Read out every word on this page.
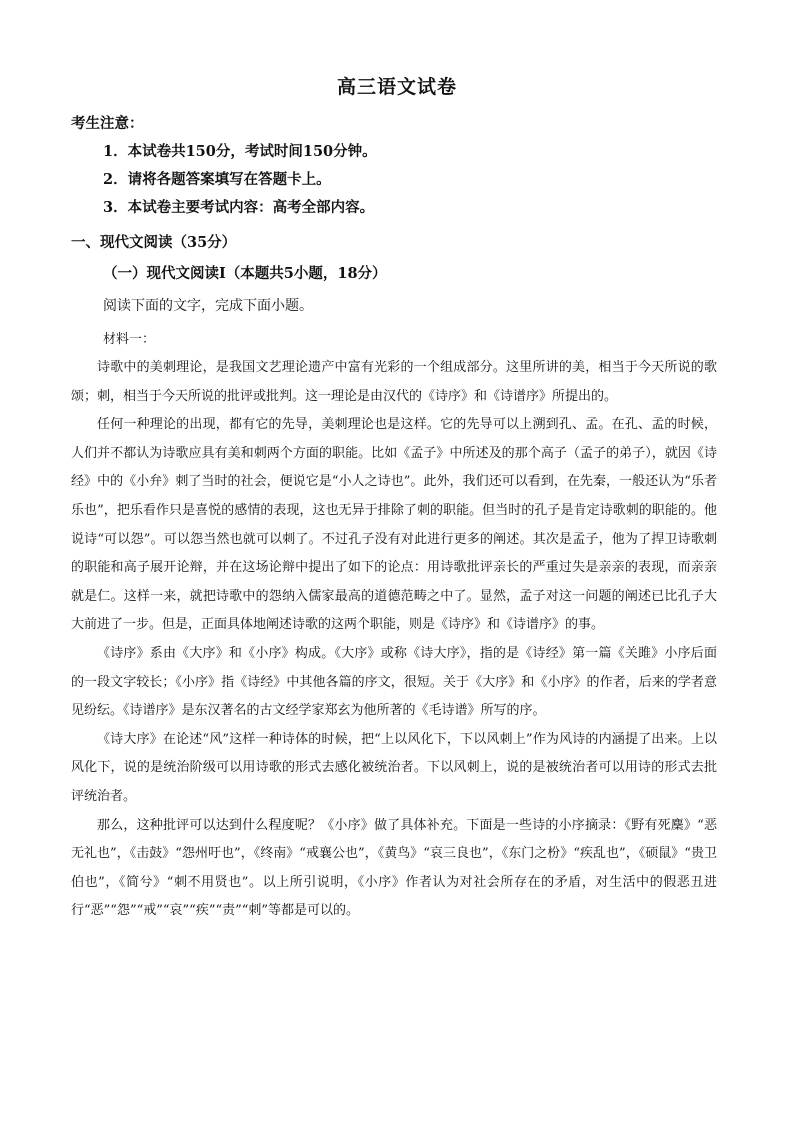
高三语文试卷
考生注意：
1．本试卷共150分，考试时间150分钟。
2．请将各题答案填写在答题卡上。
3．本试卷主要考试内容：高考全部内容。
一、现代文阅读（35分）
（一）现代文阅读Ⅰ（本题共5小题，18分）
阅读下面的文字，完成下面小题。
材料一：

诗歌中的美刺理论，是我国文艺理论遗产中富有光彩的一个组成部分。这里所讲的美，相当于今天所说的歌颂；刺，相当于今天所说的批评或批判。这一理论是由汉代的《诗序》和《诗谱序》所提出的。

任何一种理论的出现，都有它的先导，美刺理论也是这样。它的先导可以上溯到孔、孟。在孔、孟的时候，人们并不都认为诗歌应具有美和刺两个方面的职能。比如《孟子》中所述及的那个高子（孟子的弟子），就因《诗经》中的《小弁》刺了当时的社会，便说它是“小人之诗也”。此外，我们还可以看到，在先秦，一般还认为“乐者乐也”，把乐看作只是喜悦的感情的表现，这也无异于排除了刺的职能。但当时的孔子是肯定诗歌刺的职能的。他说诗“可以怨”。可以怨当然也就可以刺了。不过孔子没有对此进行更多的阐述。其次是孟子，他为了捍卫诗歌刺的职能和高子展开论辩，并在这场论辩中提出了如下的论点：用诗歌批评亲长的严重过失是亲亲的表现，而亲亲就是仁。这样一来，就把诗歌中的怨纳入儒家最高的道德范畴之中了。显然，孟子对这一问题的阐述已比孔子大大前进了一步。但是，正面具体地阐述诗歌的这两个职能，则是《诗序》和《诗谱序》的事。

《诗序》系由《大序》和《小序》构成。《大序》或称《诗大序》，指的是《诗经》第一篇《关雎》小序后面的一段文字较长；《小序》指《诗经》中其他各篇的序文，很短。关于《大序》和《小序》的作者，后来的学者意见纷纭。《诗谱序》是东汉著名的古文经学家郑玄为他所著的《毛诗谱》所写的序。

《诗大序》在论述“风”这样一种诗体的时候，把“上以风化下，下以风刺上”作为风诗的内涵提了出来。上以风化下，说的是统治阶级可以用诗歌的形式去感化被统治者。下以风刺上，说的是被统治者可以用诗的形式去批评统治者。

那么，这种批评可以达到什么程度呢？《小序》做了具体补充。下面是一些诗的小序摘录：《野有死麇》“恶无礼也”，《击鼓》“怨州吁也”，《终南》“戒襄公也”，《黄鸟》“哀三良也”，《东门之枌》“疾乱也”，《硕鼠》“贵卫伯也”，《简兮》“刺不用贤也”。以上所引说明，《小序》作者认为对社会所存在的矛盾，对生活中的假恶丑进行“恶”“怨”“戒”“哀”“疾”“责”“刺”等都是可以的。
